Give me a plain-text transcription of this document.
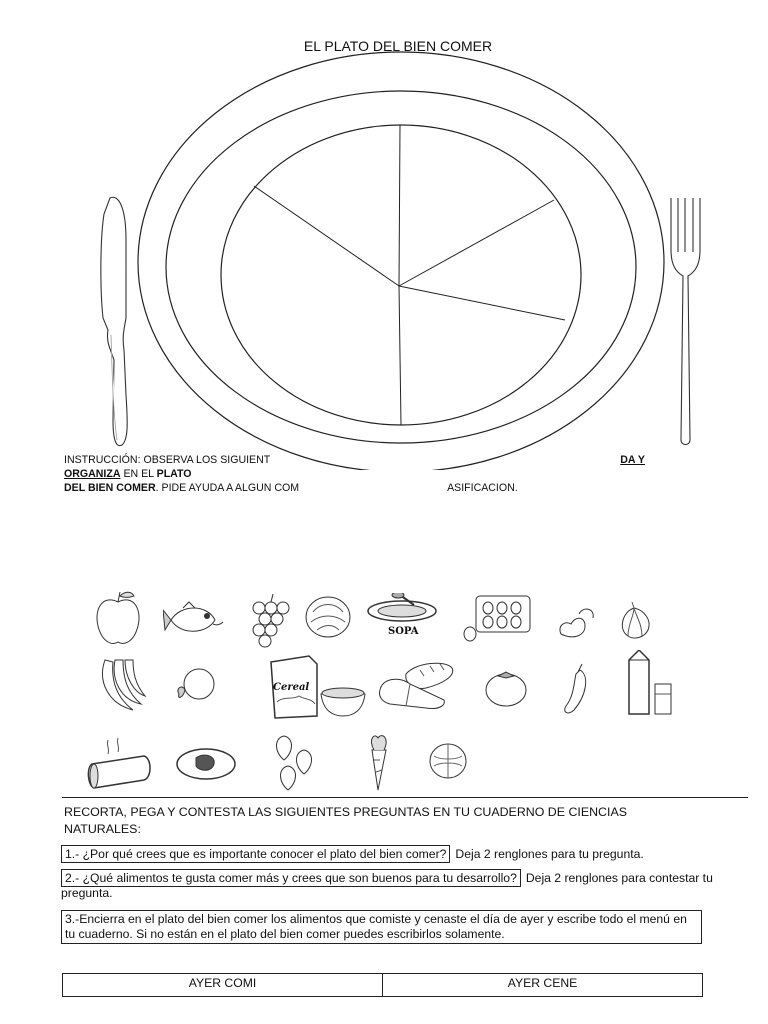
EL PLATO DEL BIEN COMER
INSTRUCCIÓN: OBSERVA LOS SIGUIENT	DA Y ORGANIZA EN EL PLATO
DEL BIEN COMER. PIDE AYUDA A ALGUN COM	ASIFICACION.
SOPA
Cereal
RECORTA, PEGA Y CONTESTA LAS SIGUIENTES PREGUNTAS EN TU CUADERNO DE CIENCIAS NATURALES:
1.- ¿Por qué crees que es importante conocer el plato del bien comer? Deja 2 renglones para tu pregunta.
2.- ¿Qué alimentos te gusta comer más y crees que son buenos para tu desarrollo? Deja 2 renglones para contestar tu pregunta.
3.-Encierra en el plato del bien comer los alimentos que comiste y cenaste el día de ayer y escribe todo el menú en tu cuaderno. Si no están en el plato del bien comer puedes escribirlos solamente.
AYER COMI	AYER CENE
